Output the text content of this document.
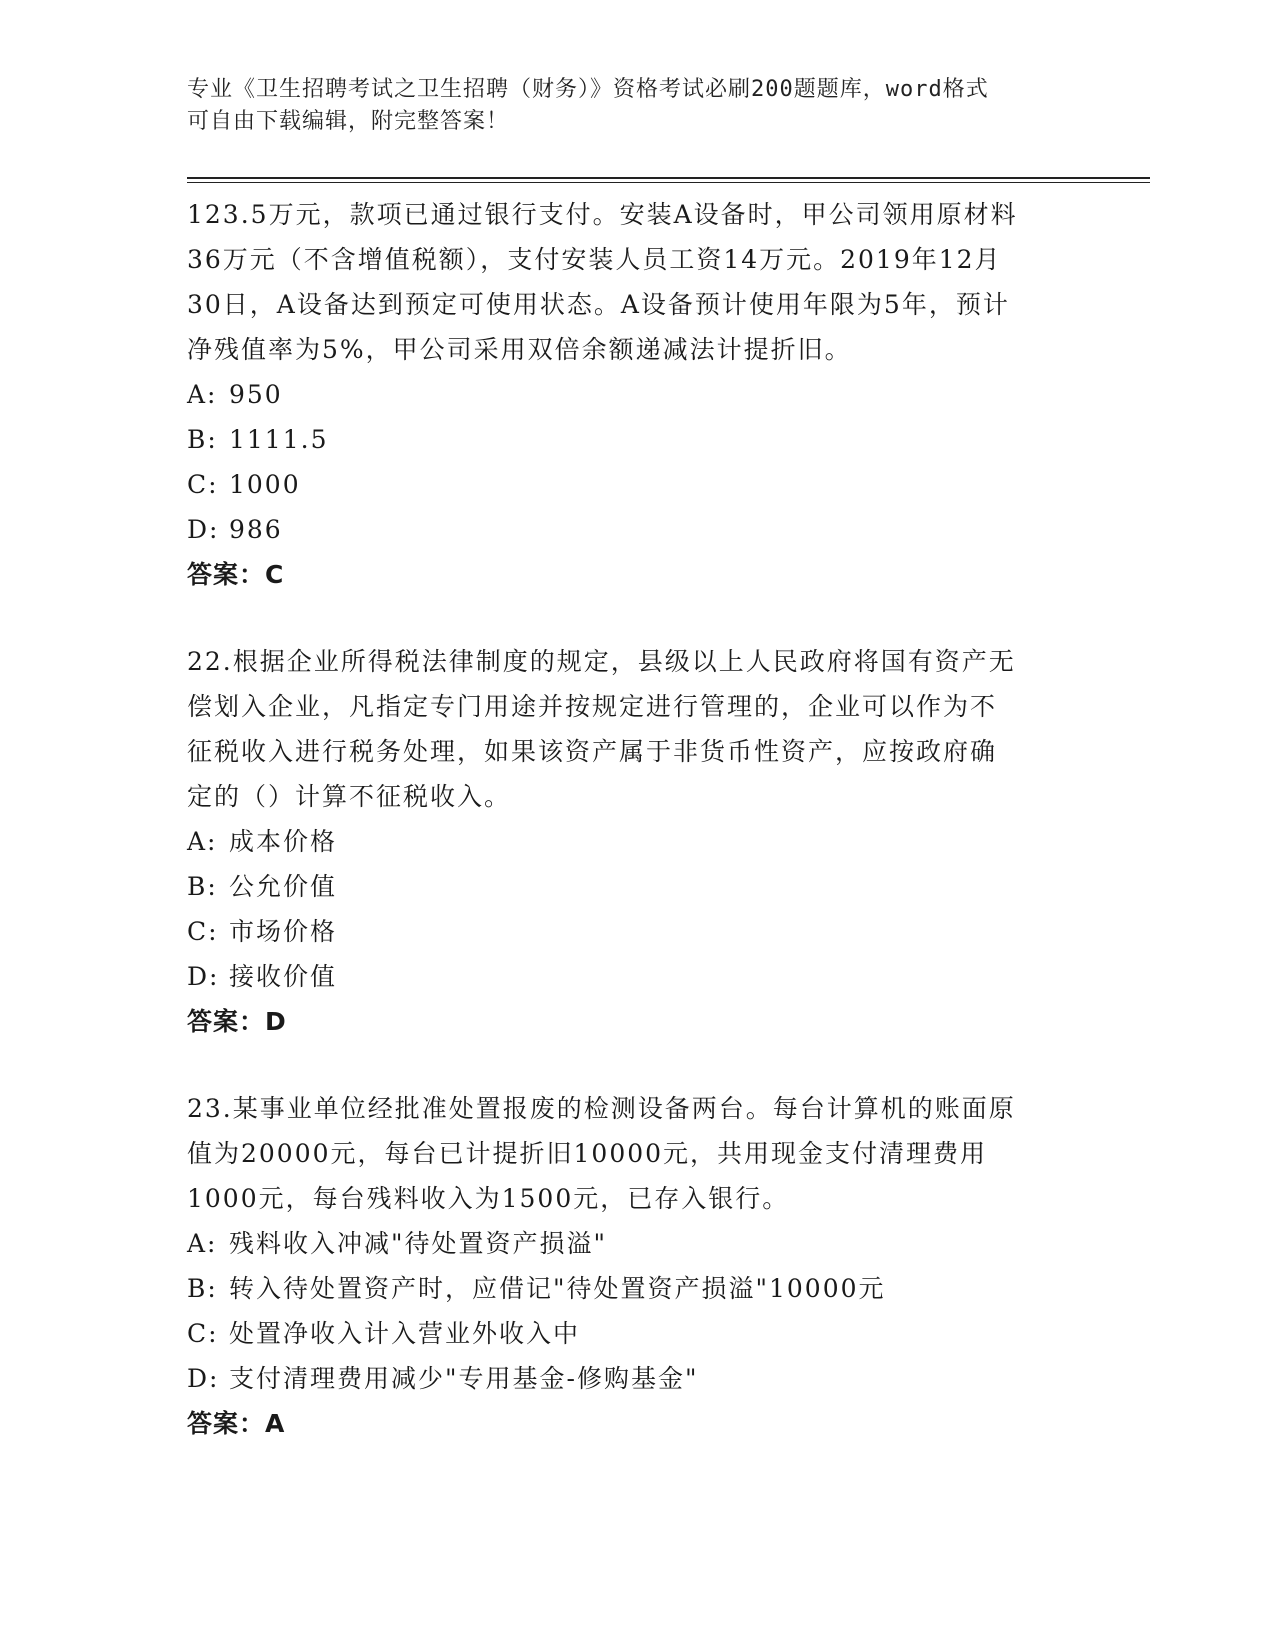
专业《卫生招聘考试之卫生招聘（财务）》资格考试必刷200题题库，word格式

可自由下载编辑，附完整答案！

123.5万元，款项已通过银行支付。安装A设备时，甲公司领用原材料

36万元（不含增值税额），支付安装人员工资14万元。2019年12月

30日，A设备达到预定可使用状态。A设备预计使用年限为5年，预计

净残值率为5%，甲公司采用双倍余额递减法计提折旧。

A: 950

B: 1111.5

C: 1000

D: 986

答案：C

22.根据企业所得税法律制度的规定，县级以上人民政府将国有资产无

偿划入企业，凡指定专门用途并按规定进行管理的，企业可以作为不

征税收入进行税务处理，如果该资产属于非货币性资产，应按政府确

定的（）计算不征税收入。

A: 成本价格

B: 公允价值

C: 市场价格

D: 接收价值

答案：D

23.某事业单位经批准处置报废的检测设备两台。每台计算机的账面原

值为20000元，每台已计提折旧10000元，共用现金支付清理费用

1000元，每台残料收入为1500元，已存入银行。

A: 残料收入冲减"待处置资产损溢"

B: 转入待处置资产时，应借记"待处置资产损溢"10000元

C: 处置净收入计入营业外收入中

D: 支付清理费用减少"专用基金-修购基金"

答案：A
